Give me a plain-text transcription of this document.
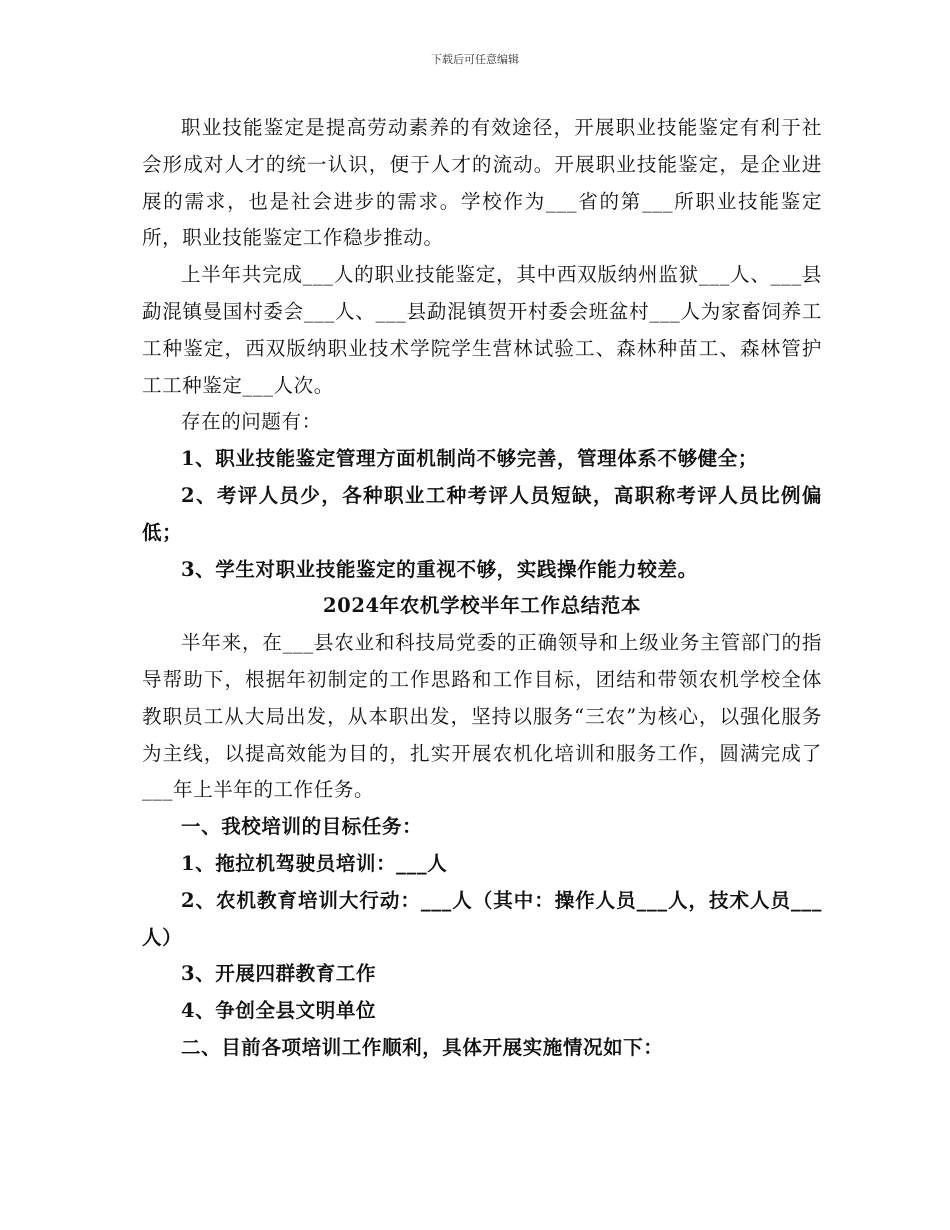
下载后可任意编辑

职业技能鉴定是提高劳动素养的有效途径，开展职业技能鉴定有利于社会形成对人才的统一认识，便于人才的流动。开展职业技能鉴定，是企业进展的需求，也是社会进步的需求。学校作为___省的第___所职业技能鉴定所，职业技能鉴定工作稳步推动。

上半年共完成___人的职业技能鉴定，其中西双版纳州监狱___人、___县勐混镇曼国村委会___人、___县勐混镇贺开村委会班盆村___人为家畜饲养工工种鉴定，西双版纳职业技术学院学生营林试验工、森林种苗工、森林管护工工种鉴定___人次。

存在的问题有：

1、职业技能鉴定管理方面机制尚不够完善，管理体系不够健全；

2、考评人员少，各种职业工种考评人员短缺，高职称考评人员比例偏低；

3、学生对职业技能鉴定的重视不够，实践操作能力较差。

2024年农机学校半年工作总结范本

半年来，在___县农业和科技局党委的正确领导和上级业务主管部门的指导帮助下，根据年初制定的工作思路和工作目标，团结和带领农机学校全体教职员工从大局出发，从本职出发，坚持以服务“三农”为核心，以强化服务为主线，以提高效能为目的，扎实开展农机化培训和服务工作，圆满完成了___年上半年的工作任务。

一、我校培训的目标任务：

1、拖拉机驾驶员培训：___人

2、农机教育培训大行动：___人（其中：操作人员___人，技术人员___人）

3、开展四群教育工作

4、争创全县文明单位

二、目前各项培训工作顺利，具体开展实施情况如下：
